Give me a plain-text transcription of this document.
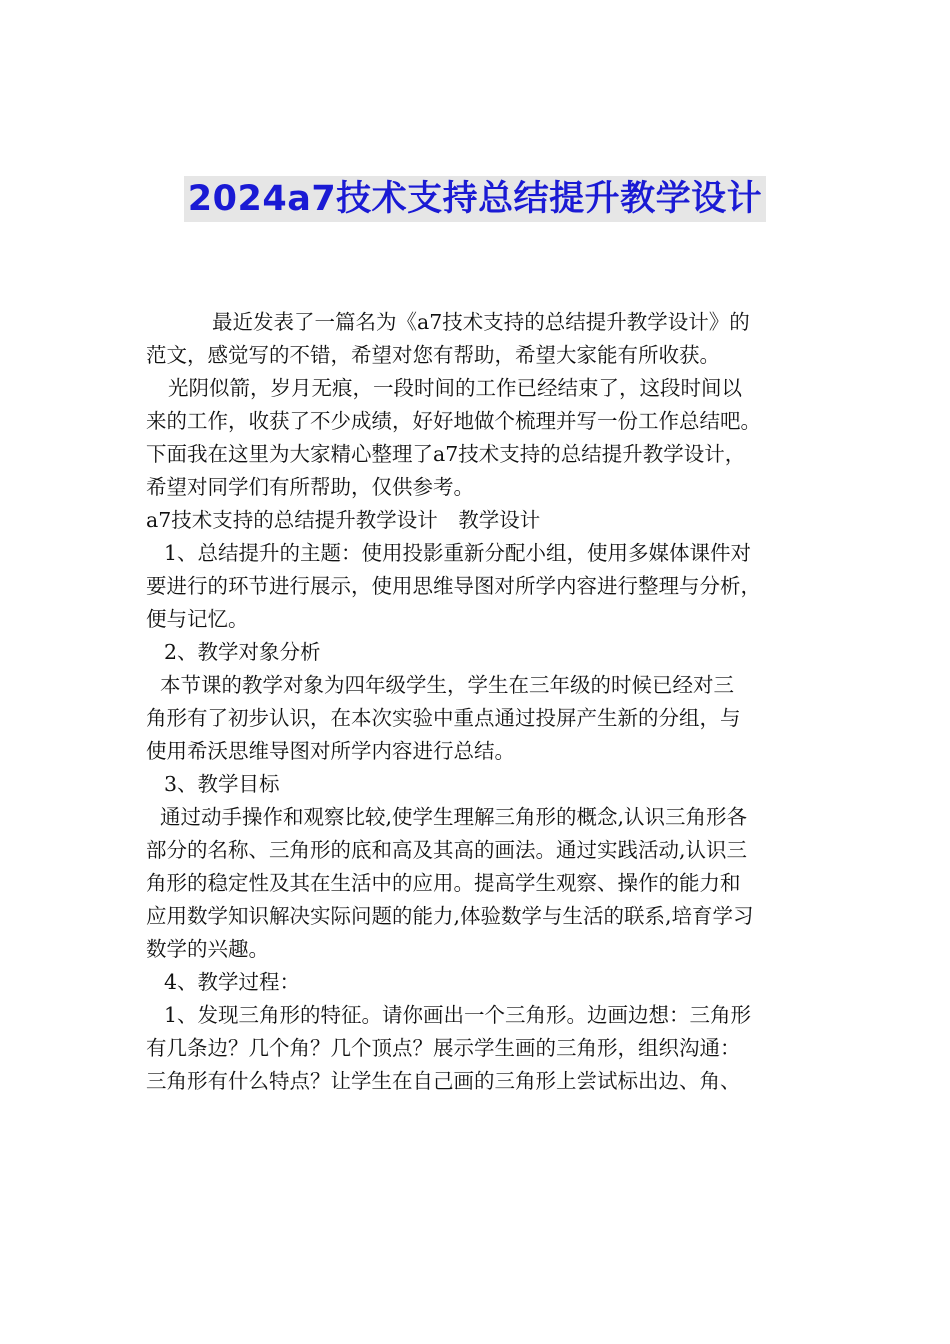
2024a7技术支持总结提升教学设计

最近发表了一篇名为《a7技术支持的总结提升教学设计》的

范文，感觉写的不错，希望对您有帮助，希望大家能有所收获。

光阴似箭，岁月无痕，一段时间的工作已经结束了，这段时间以

来的工作，收获了不少成绩，好好地做个梳理并写一份工作总结吧。

下面我在这里为大家精心整理了a7技术支持的总结提升教学设计，

希望对同学们有所帮助，仅供参考。

a7技术支持的总结提升教学设计　教学设计

1、总结提升的主题：使用投影重新分配小组，使用多媒体课件对

要进行的环节进行展示，使用思维导图对所学内容进行整理与分析，

便与记忆。

2、教学对象分析

本节课的教学对象为四年级学生，学生在三年级的时候已经对三

角形有了初步认识，在本次实验中重点通过投屏产生新的分组，与

使用希沃思维导图对所学内容进行总结。

3、教学目标

通过动手操作和观察比较,使学生理解三角形的概念,认识三角形各

部分的名称、三角形的底和高及其高的画法。通过实践活动,认识三

角形的稳定性及其在生活中的应用。提高学生观察、操作的能力和

应用数学知识解决实际问题的能力,体验数学与生活的联系,培育学习

数学的兴趣。

4、教学过程：

1、发现三角形的特征。请你画出一个三角形。边画边想：三角形

有几条边？几个角？几个顶点？展示学生画的三角形，组织沟通：

三角形有什么特点？让学生在自己画的三角形上尝试标出边、角、
